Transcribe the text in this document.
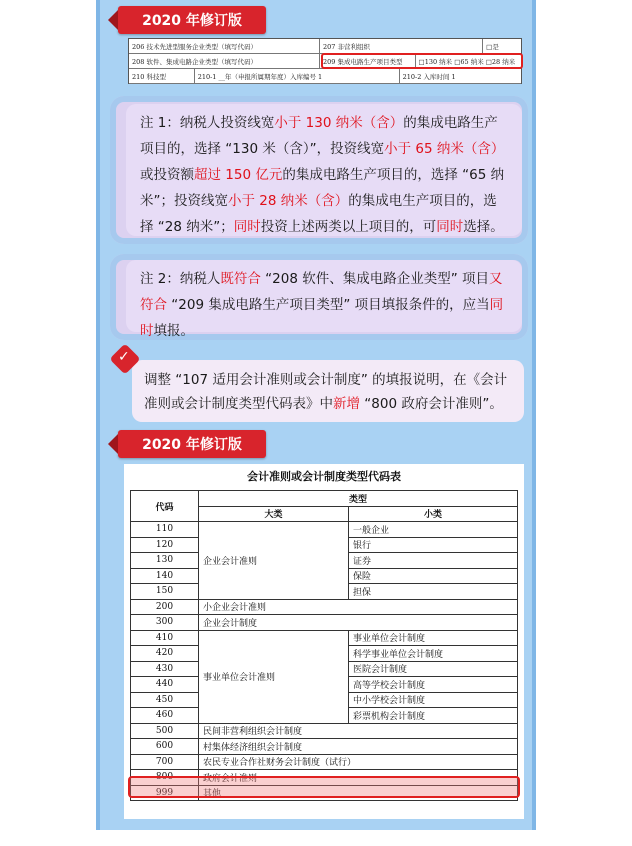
2020 年修订版
206 技术先进型服务企业类型（填写代码）	207 非营利组织	□是
208 软件、集成电路企业类型（填写代码）	209 集成电路生产项目类型	□130 纳米 □65 纳米 □28 纳米
210 科技型	210-1 __年（申报所属期年度）入库编号 1	210-2 入库时间 1
注 1：纳税人投资线宽小于 130 纳米（含）的集成电路生产项目的，选择 “130 米（含）”，投资线宽小于 65 纳米（含）或投资额超过 150 亿元的集成电路生产项目的，选择 “65 纳米”；投资线宽小于 28 纳米（含）的集成电生产项目的，选择 “28 纳米”；同时投资上述两类以上项目的，可同时选择。
注 2：纳税人既符合 “208 软件、集成电路企业类型” 项目又符合 “209 集成电路生产项目类型” 项目填报条件的，应当同时填报。
调整 “107 适用会计准则或会计制度” 的填报说明，在《会计准则或会计制度类型代码表》中新增 “800 政府会计准则”。
✓
2020 年修订版
会计准则或会计制度类型代码表
代码	类型	
	大类	小类
110	企业会计准则	一般企业
120		银行
130		证券
140		保险
150		担保
200	小企业会计准则	
300	企业会计制度	
410	事业单位会计准则	事业单位会计制度
420		科学事业单位会计制度
430		医院会计制度
440		高等学校会计制度
450		中小学校会计制度
460		彩票机构会计制度
500	民间非营利组织会计制度	
600	村集体经济组织会计制度	
700	农民专业合作社财务会计制度（试行）	
800	政府会计准则	
999	其他	
